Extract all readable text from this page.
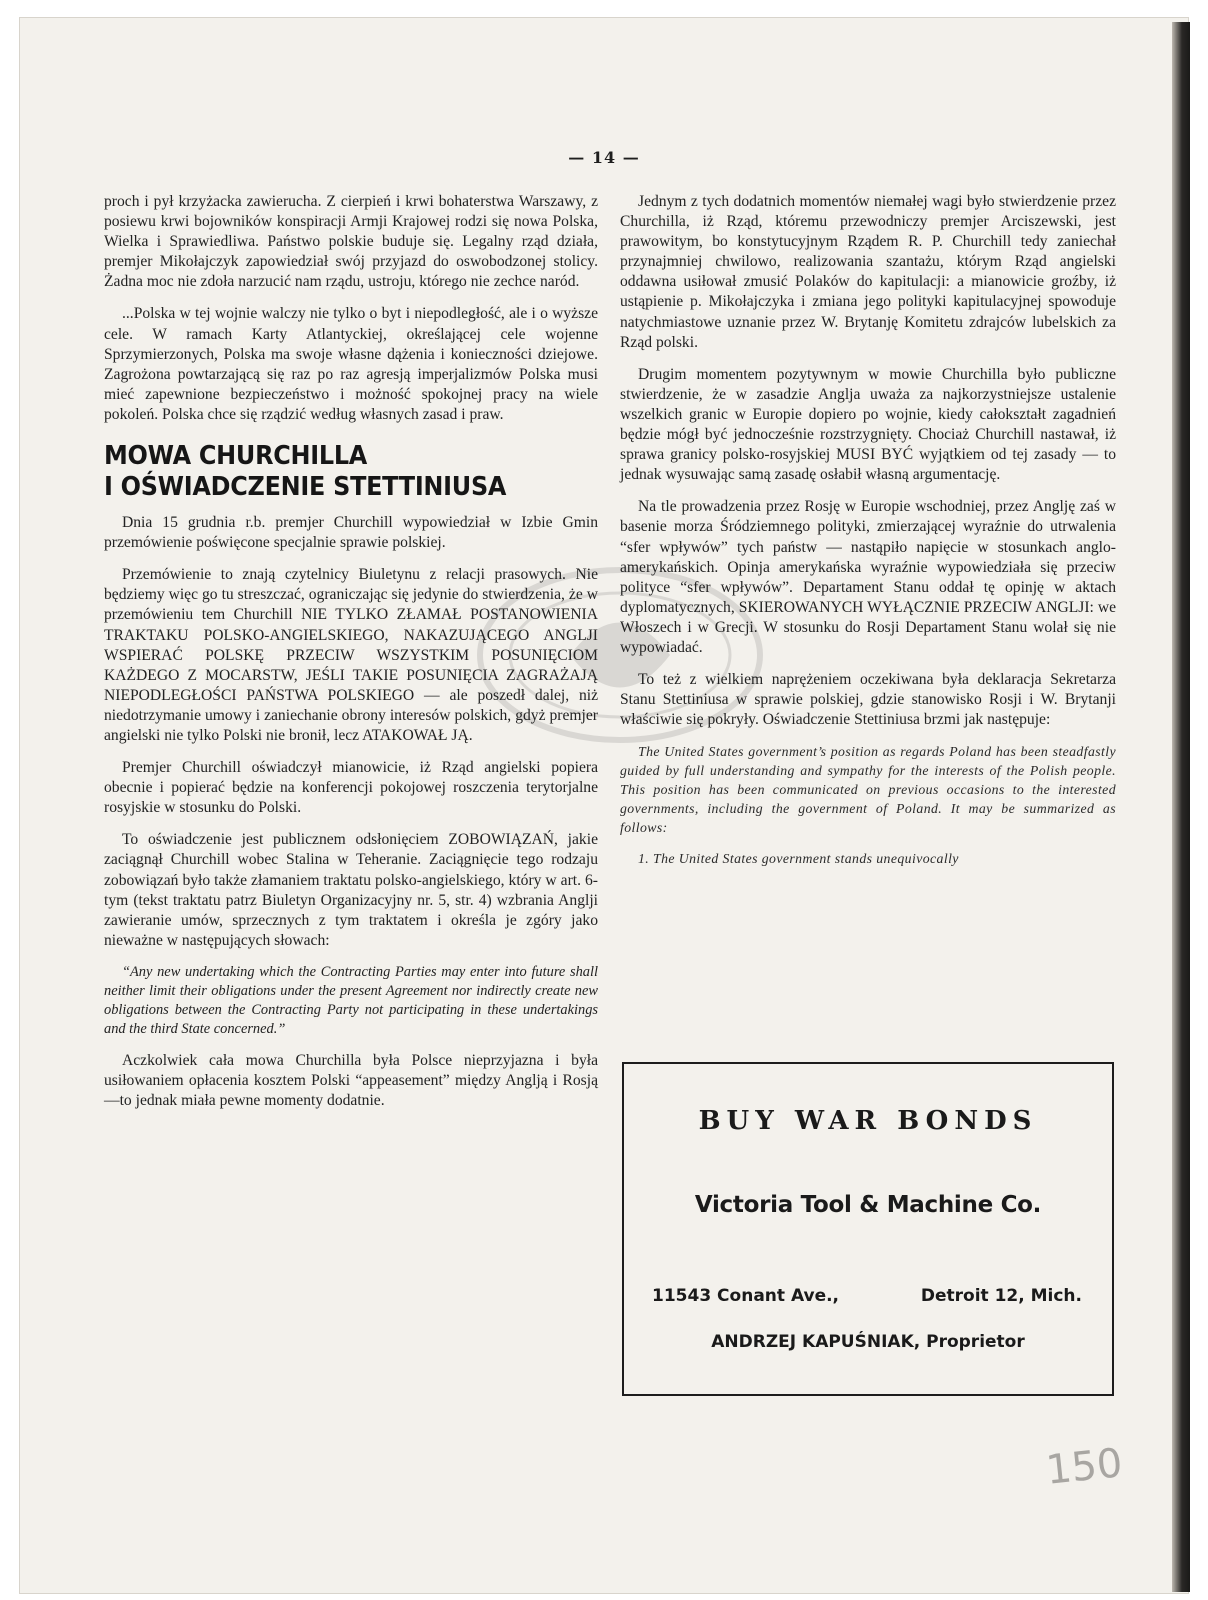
— 14 —

proch i pył krzyżacka zawierucha. Z cierpień i krwi bohaterstwa Warszawy, z posiewu krwi bojowników konspiracji Armji Krajowej rodzi się nowa Polska, Wielka i Sprawiedliwa. Państwo polskie buduje się. Legalny rząd działa, premjer Mikołajczyk zapowiedział swój przyjazd do oswobodzonej stolicy. Żadna moc nie zdoła narzucić nam rządu, ustroju, którego nie zechce naród.

...Polska w tej wojnie walczy nie tylko o byt i niepodległość, ale i o wyższe cele. W ramach Karty Atlantyckiej, określającej cele wojenne Sprzymierzonych, Polska ma swoje własne dążenia i konieczności dziejowe. Zagrożona powtarzającą się raz po raz agresją imperjalizmów Polska musi mieć zapewnione bezpieczeństwo i możność spokojnej pracy na wiele pokoleń. Polska chce się rządzić według własnych zasad i praw.

MOWA CHURCHILLA
I OŚWIADCZENIE STETTINIUSA

Dnia 15 grudnia r.b. premjer Churchill wypowiedział w Izbie Gmin przemówienie poświęcone specjalnie sprawie polskiej.

Przemówienie to znają czytelnicy Biuletynu z relacji prasowych. Nie będziemy więc go tu streszczać, ograniczając się jedynie do stwierdzenia, że w przemówieniu tem Churchill NIE TYLKO ZŁAMAŁ POSTANOWIENIA TRAKTAKU POLSKO-ANGIELSKIEGO, NAKAZUJĄCEGO ANGLJI WSPIERAĆ POLSKĘ PRZECIW WSZYSTKIM POSUNIĘCIOM KAŻDEGO Z MOCARSTW, JEŚLI TAKIE POSUNIĘCIA ZAGRAŻAJĄ NIEPODLEGŁOŚCI PAŃSTWA POLSKIEGO — ale poszedł dalej, niż niedotrzymanie umowy i zaniechanie obrony interesów polskich, gdyż premjer angielski nie tylko Polski nie bronił, lecz ATAKOWAŁ JĄ.

Premjer Churchill oświadczył mianowicie, iż Rząd angielski popiera obecnie i popierać będzie na konferencji pokojowej roszczenia terytorjalne rosyjskie w stosunku do Polski.

To oświadczenie jest publicznem odsłonięciem ZOBOWIĄZAŃ, jakie zaciągnął Churchill wobec Stalina w Teheranie. Zaciągnięcie tego rodzaju zobowiązań było także złamaniem traktatu polsko-angielskiego, który w art. 6-tym (tekst traktatu patrz Biuletyn Organizacyjny nr. 5, str. 4) wzbrania Anglji zawieranie umów, sprzecznych z tym traktatem i określa je zgóry jako nieważne w następujących słowach:

“Any new undertaking which the Contracting Parties may enter into future shall neither limit their obligations under the present Agreement nor indirectly create new obligations between the Contracting Party not participating in these undertakings and the third State concerned.”

Aczkolwiek cała mowa Churchilla była Polsce nieprzyjazna i była usiłowaniem opłacenia kosztem Polski “appeasement” między Anglją i Rosją—to jednak miała pewne momenty dodatnie.

Jednym z tych dodatnich momentów niemałej wagi było stwierdzenie przez Churchilla, iż Rząd, któremu przewodniczy premjer Arciszewski, jest prawowitym, bo konstytucyjnym Rządem R. P. Churchill tedy zaniechał przynajmniej chwilowo, realizowania szantażu, którym Rząd angielski oddawna usiłował zmusić Polaków do kapitulacji: a mianowicie groźby, iż ustąpienie p. Mikołajczyka i zmiana jego polityki kapitulacyjnej spowoduje natychmiastowe uznanie przez W. Brytanję Komitetu zdrajców lubelskich za Rząd polski.

Drugim momentem pozytywnym w mowie Churchilla było publiczne stwierdzenie, że w zasadzie Anglja uważa za najkorzystniejsze ustalenie wszelkich granic w Europie dopiero po wojnie, kiedy całokształt zagadnień będzie mógł być jednocześnie rozstrzygnięty. Chociaż Churchill nastawał, iż sprawa granicy polsko-rosyjskiej MUSI BYĆ wyjątkiem od tej zasady — to jednak wysuwając samą zasadę osłabił własną argumentację.

Na tle prowadzenia przez Rosję w Europie wschodniej, przez Anglję zaś w basenie morza Śródziemnego polityki, zmierzającej wyraźnie do utrwalenia “sfer wpływów” tych państw — nastąpiło napięcie w stosunkach anglo-amerykańskich. Opinja amerykańska wyraźnie wypowiedziała się przeciw polityce “sfer wpływów”. Departament Stanu oddał tę opinję w aktach dyplomatycznych, SKIEROWANYCH WYŁĄCZNIE PRZECIW ANGLJI: we Włoszech i w Grecji. W stosunku do Rosji Departament Stanu wolał się nie wypowiadać.

To też z wielkiem naprężeniem oczekiwana była deklaracja Sekretarza Stanu Stettiniusa w sprawie polskiej, gdzie stanowisko Rosji i W. Brytanji właściwie się pokryły. Oświadczenie Stettiniusa brzmi jak następuje:

The United States government’s position as regards Poland has been steadfastly guided by full understanding and sympathy for the interests of the Polish people. This position has been communicated on previous occasions to the interested governments, including the government of Poland. It may be summarized as follows:

1. The United States government stands unequivocally
BUY WAR BONDS
Victoria Tool & Machine Co.
11543 Conant Ave.,	Detroit 12, Mich.
ANDRZEJ KAPUŚNIAK, Proprietor
150
